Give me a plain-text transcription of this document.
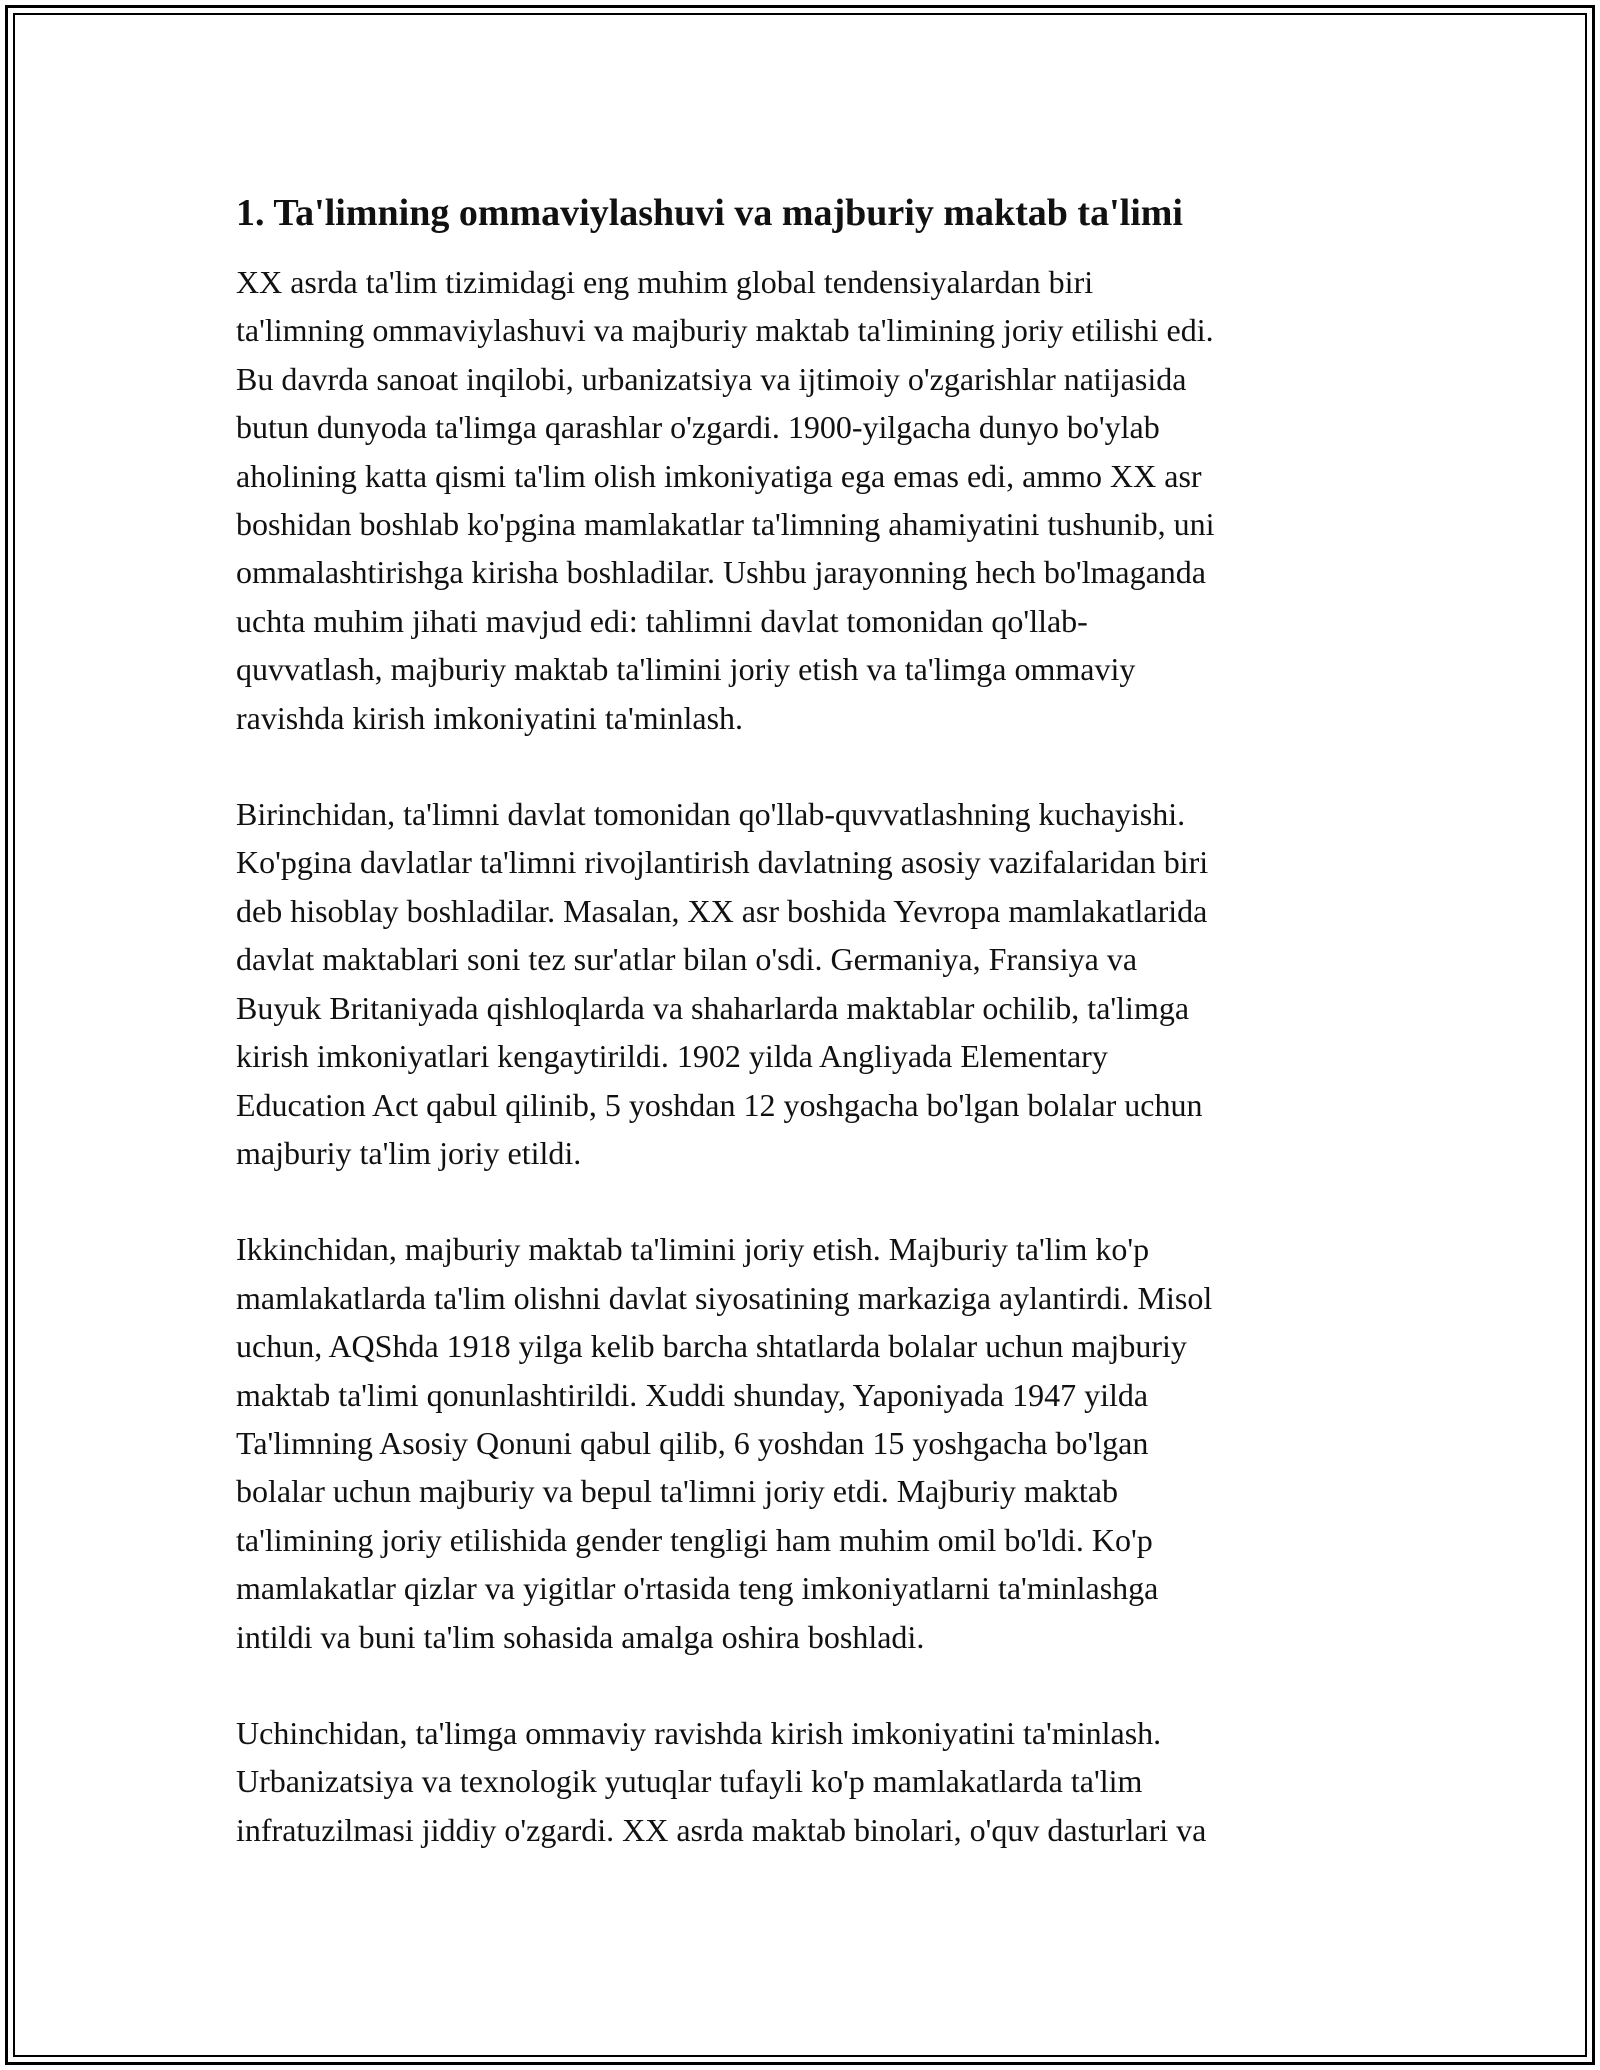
1. Ta'limning ommaviylashuvi va majburiy maktab ta'limi
XX asrda ta'lim tizimidagi eng muhim global tendensiyalardan biri
ta'limning ommaviylashuvi va majburiy maktab ta'limining joriy etilishi edi.
Bu davrda sanoat inqilobi, urbanizatsiya va ijtimoiy o'zgarishlar natijasida
butun dunyoda ta'limga qarashlar o'zgardi. 1900-yilgacha dunyo bo'ylab
aholining katta qismi ta'lim olish imkoniyatiga ega emas edi, ammo XX asr
boshidan boshlab ko'pgina mamlakatlar ta'limning ahamiyatini tushunib, uni
ommalashtirishga kirisha boshladilar. Ushbu jarayonning hech bo'lmaganda
uchta muhim jihati mavjud edi: tahlimni davlat tomonidan qo'llab-
quvvatlash, majburiy maktab ta'limini joriy etish va ta'limga ommaviy
ravishda kirish imkoniyatini ta'minlash.
Birinchidan, ta'limni davlat tomonidan qo'llab-quvvatlashning kuchayishi.
Ko'pgina davlatlar ta'limni rivojlantirish davlatning asosiy vazifalaridan biri
deb hisoblay boshladilar. Masalan, XX asr boshida Yevropa mamlakatlarida
davlat maktablari soni tez sur'atlar bilan o'sdi. Germaniya, Fransiya va
Buyuk Britaniyada qishloqlarda va shaharlarda maktablar ochilib, ta'limga
kirish imkoniyatlari kengaytirildi. 1902 yilda Angliyada Elementary
Education Act qabul qilinib, 5 yoshdan 12 yoshgacha bo'lgan bolalar uchun
majburiy ta'lim joriy etildi.
Ikkinchidan, majburiy maktab ta'limini joriy etish. Majburiy ta'lim ko'p
mamlakatlarda ta'lim olishni davlat siyosatining markaziga aylantirdi. Misol
uchun, AQShda 1918 yilga kelib barcha shtatlarda bolalar uchun majburiy
maktab ta'limi qonunlashtirildi. Xuddi shunday, Yaponiyada 1947 yilda
Ta'limning Asosiy Qonuni qabul qilib, 6 yoshdan 15 yoshgacha bo'lgan
bolalar uchun majburiy va bepul ta'limni joriy etdi. Majburiy maktab
ta'limining joriy etilishida gender tengligi ham muhim omil bo'ldi. Ko'p
mamlakatlar qizlar va yigitlar o'rtasida teng imkoniyatlarni ta'minlashga
intildi va buni ta'lim sohasida amalga oshira boshladi.
Uchinchidan, ta'limga ommaviy ravishda kirish imkoniyatini ta'minlash.
Urbanizatsiya va texnologik yutuqlar tufayli ko'p mamlakatlarda ta'lim
infratuzilmasi jiddiy o'zgardi. XX asrda maktab binolari, o'quv dasturlari va
